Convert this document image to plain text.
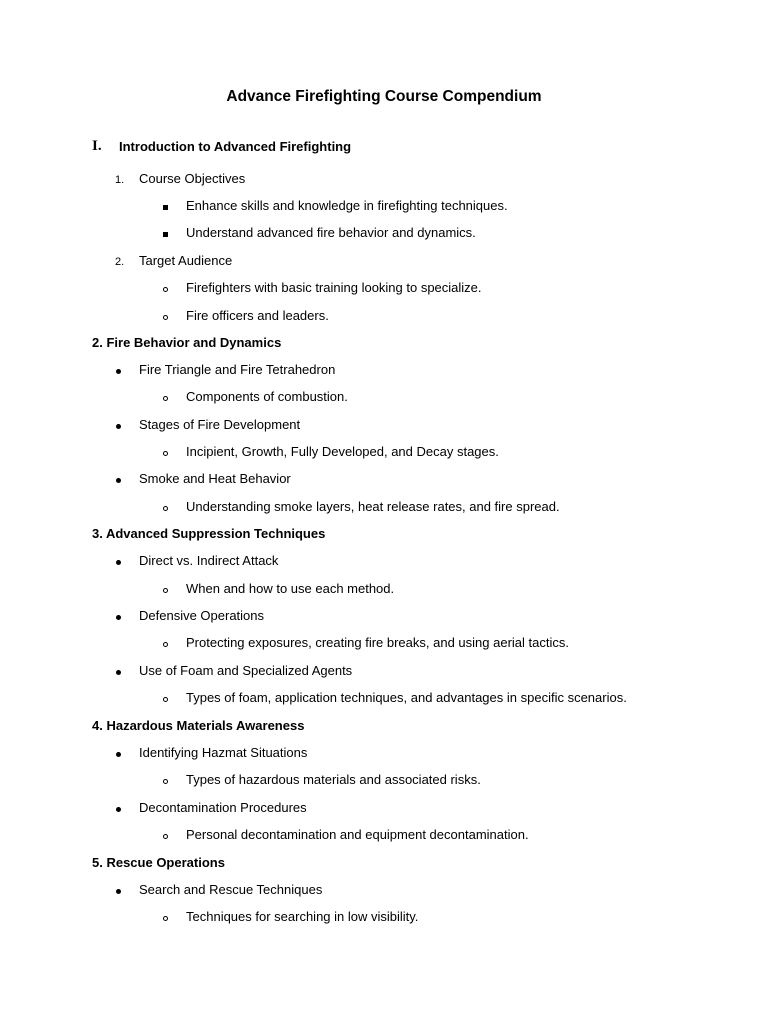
Advance Firefighting Course Compendium
I. Introduction to Advanced Firefighting
1. Course Objectives
Enhance skills and knowledge in firefighting techniques.
Understand advanced fire behavior and dynamics.
2. Target Audience
Firefighters with basic training looking to specialize.
Fire officers and leaders.
2. Fire Behavior and Dynamics
Fire Triangle and Fire Tetrahedron
Components of combustion.
Stages of Fire Development
Incipient, Growth, Fully Developed, and Decay stages.
Smoke and Heat Behavior
Understanding smoke layers, heat release rates, and fire spread.
3. Advanced Suppression Techniques
Direct vs. Indirect Attack
When and how to use each method.
Defensive Operations
Protecting exposures, creating fire breaks, and using aerial tactics.
Use of Foam and Specialized Agents
Types of foam, application techniques, and advantages in specific scenarios.
4. Hazardous Materials Awareness
Identifying Hazmat Situations
Types of hazardous materials and associated risks.
Decontamination Procedures
Personal decontamination and equipment decontamination.
5. Rescue Operations
Search and Rescue Techniques
Techniques for searching in low visibility.
